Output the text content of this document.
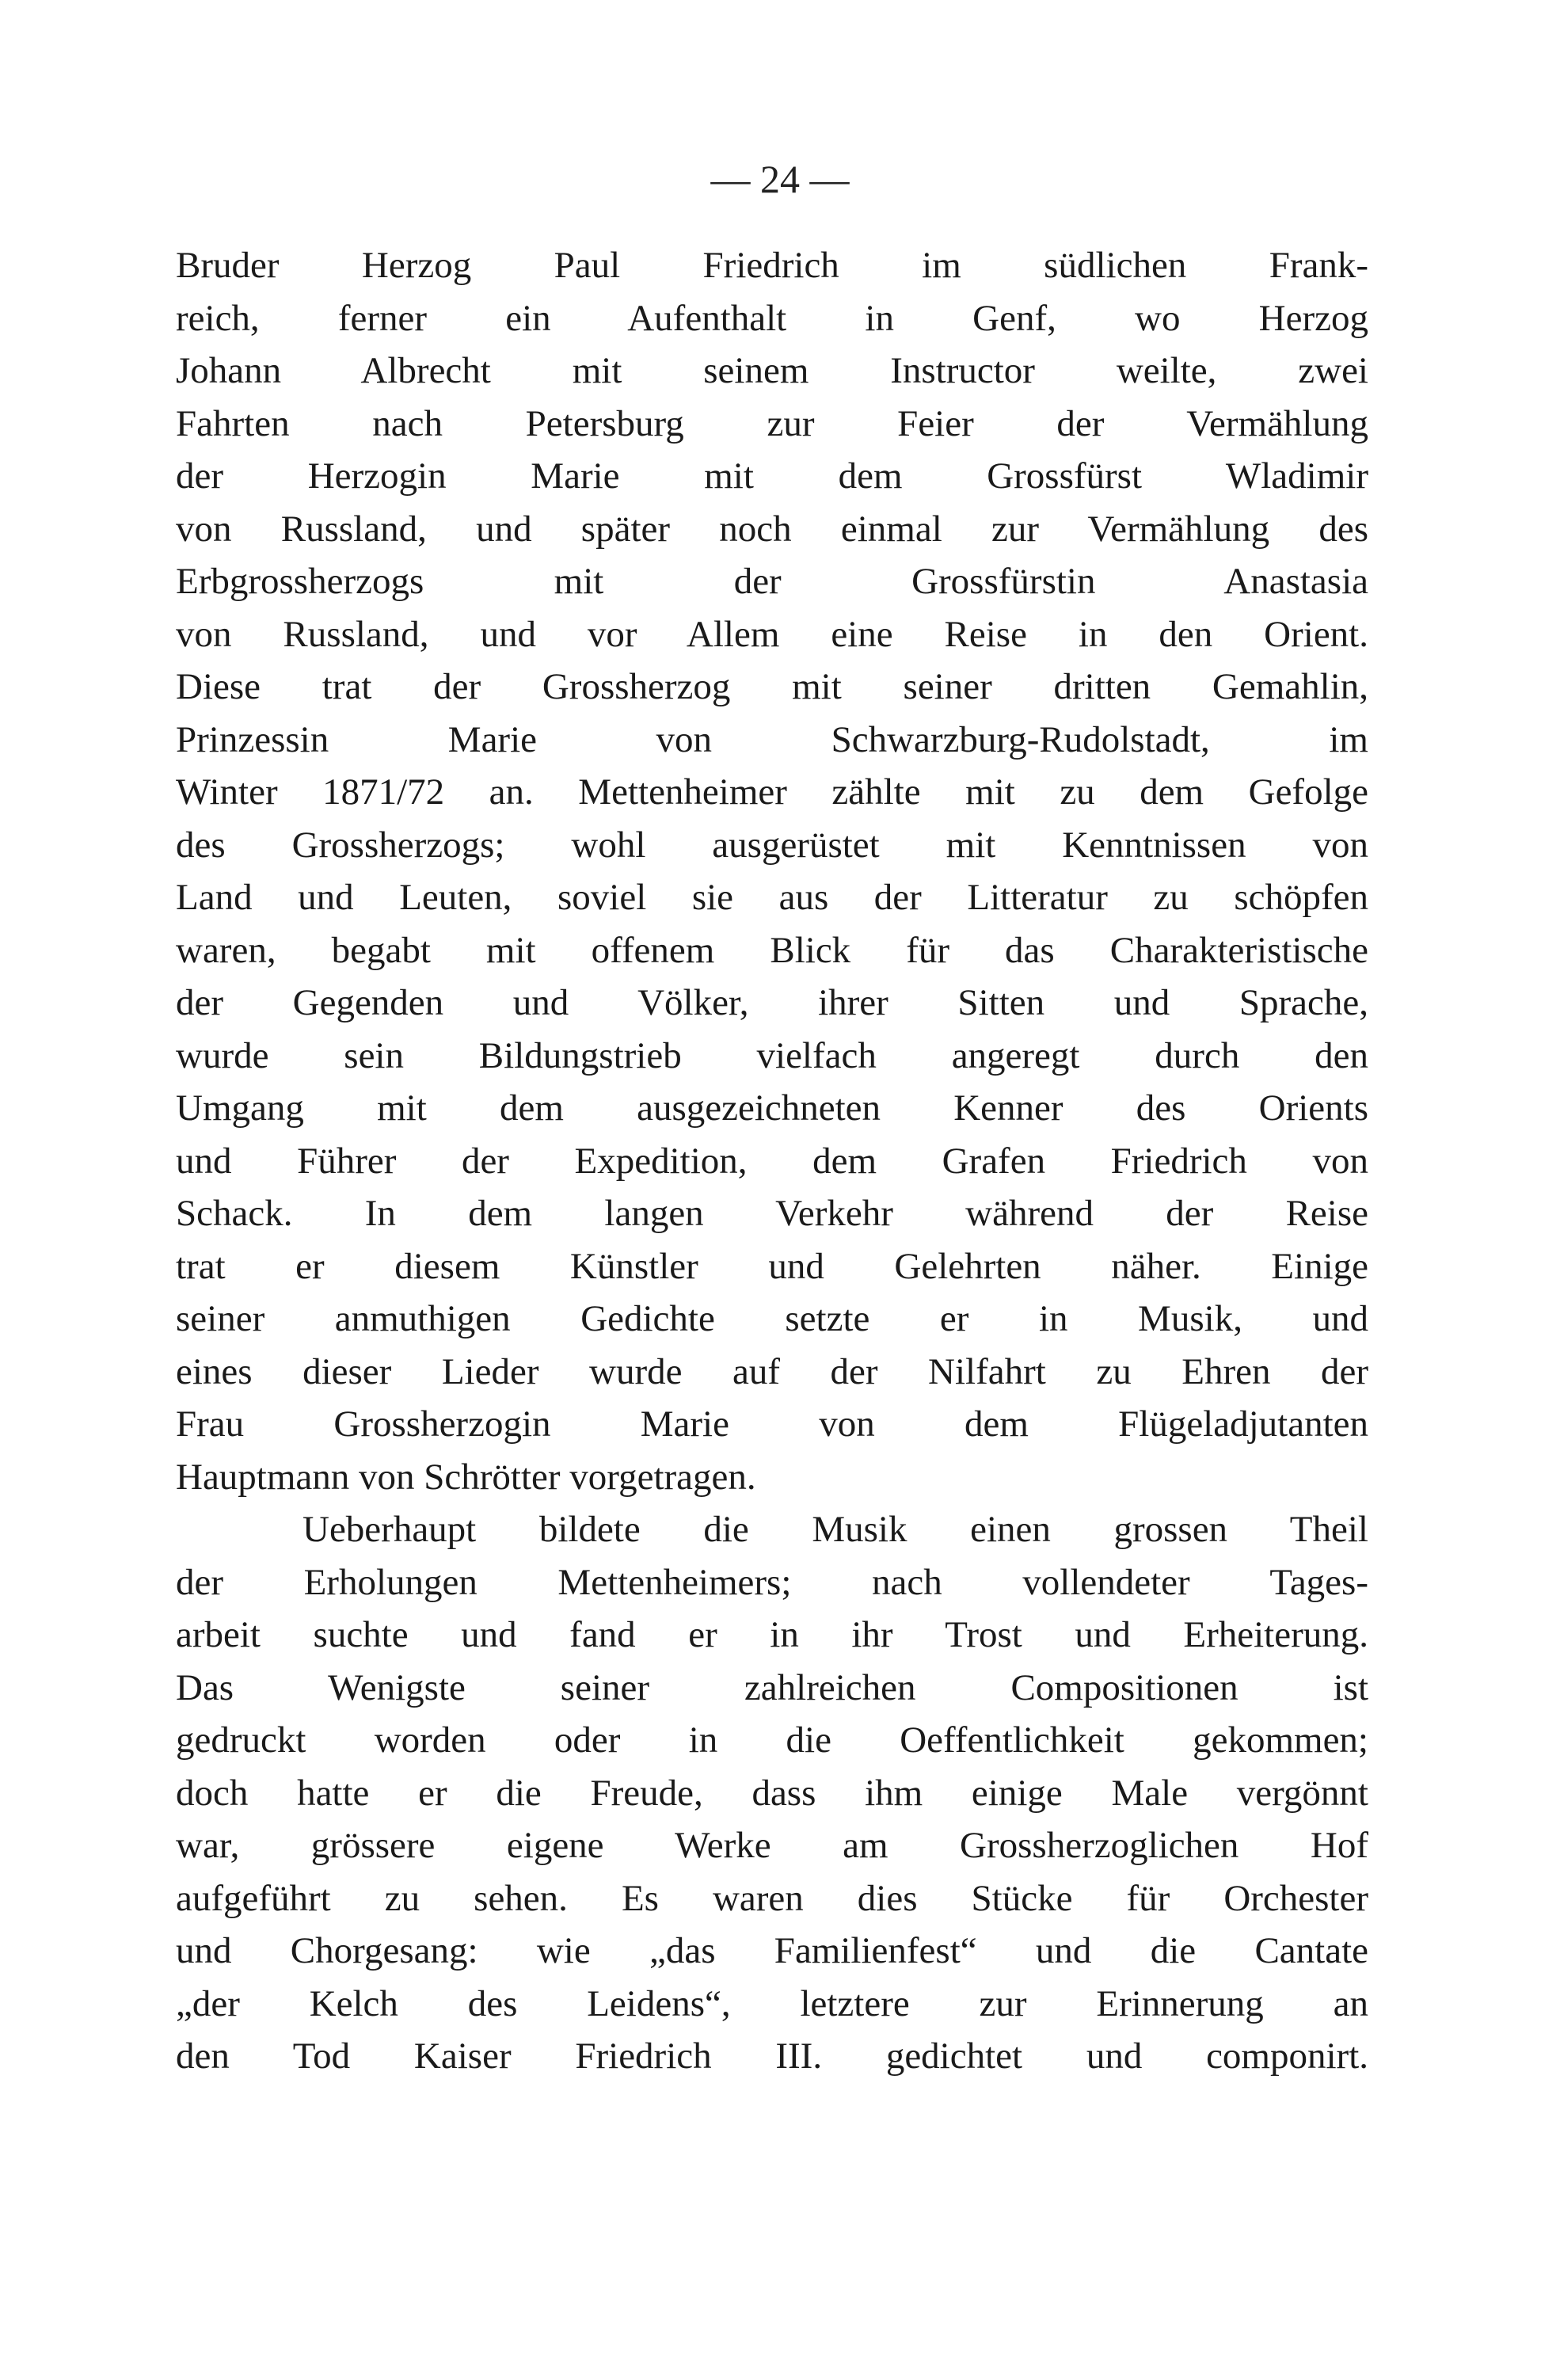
— 24 —
Bruder Herzog Paul Friedrich im südlichen Frank-
reich, ferner ein Aufenthalt in Genf, wo Herzog
Johann Albrecht mit seinem Instructor weilte, zwei
Fahrten nach Petersburg zur Feier der Vermählung
der Herzogin Marie mit dem Grossfürst Wladimir
von Russland, und später noch einmal zur Vermählung des
Erbgrossherzogs mit der Grossfürstin Anastasia
von Russland, und vor Allem eine Reise in den Orient.
Diese trat der Grossherzog mit seiner dritten Gemahlin,
Prinzessin Marie von Schwarzburg-Rudolstadt, im
Winter 1871/72 an. Mettenheimer zählte mit zu dem Gefolge
des Grossherzogs; wohl ausgerüstet mit Kenntnissen von
Land und Leuten, soviel sie aus der Litteratur zu schöpfen
waren, begabt mit offenem Blick für das Charakteristische
der Gegenden und Völker, ihrer Sitten und Sprache,
wurde sein Bildungstrieb vielfach angeregt durch den
Umgang mit dem ausgezeichneten Kenner des Orients
und Führer der Expedition, dem Grafen Friedrich von
Schack. In dem langen Verkehr während der Reise
trat er diesem Künstler und Gelehrten näher. Einige
seiner anmuthigen Gedichte setzte er in Musik, und
eines dieser Lieder wurde auf der Nilfahrt zu Ehren der
Frau Grossherzogin Marie von dem Flügeladjutanten
Hauptmann von Schrötter vorgetragen.
Ueberhaupt bildete die Musik einen grossen Theil
der Erholungen Mettenheimers; nach vollendeter Tages-
arbeit suchte und fand er in ihr Trost und Erheiterung.
Das Wenigste seiner zahlreichen Compositionen ist
gedruckt worden oder in die Oeffentlichkeit gekommen;
doch hatte er die Freude, dass ihm einige Male vergönnt
war, grössere eigene Werke am Grossherzoglichen Hof
aufgeführt zu sehen. Es waren dies Stücke für Orchester
und Chorgesang: wie „das Familienfest“ und die Cantate
„der Kelch des Leidens“, letztere zur Erinnerung an
den Tod Kaiser Friedrich III. gedichtet und componirt.
